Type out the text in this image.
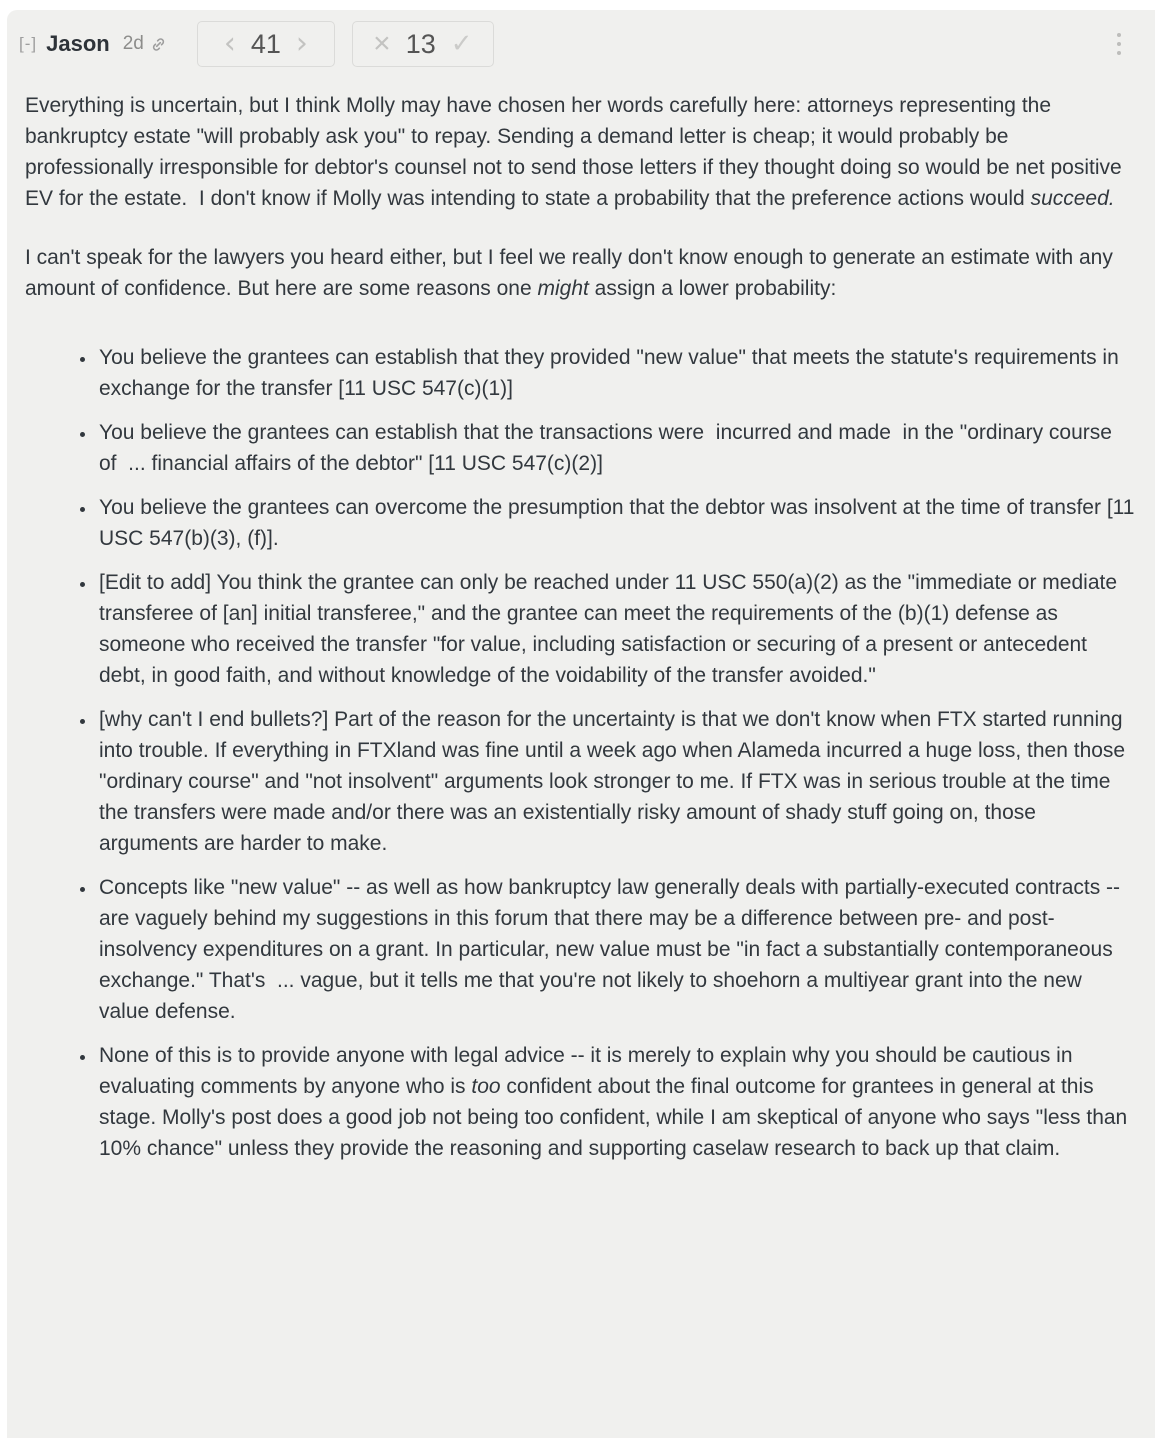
[-] Jason 2d	‹ 41 › × 13 ✓

Everything is uncertain, but I think Molly may have chosen her words carefully here: attorneys representing the bankruptcy estate "will probably ask you" to repay. Sending a demand letter is cheap; it would probably be professionally irresponsible for debtor's counsel not to send those letters if they thought doing so would be net positive EV for the estate.  I don't know if Molly was intending to state a probability that the preference actions would succeed.

I can't speak for the lawyers you heard either, but I feel we really don't know enough to generate an estimate with any amount of confidence. But here are some reasons one might assign a lower probability:

• You believe the grantees can establish that they provided "new value" that meets the statute's requirements in exchange for the transfer [11 USC 547(c)(1)]
• You believe the grantees can establish that the transactions were  incurred and made  in the "ordinary course of  ... financial affairs of the debtor" [11 USC 547(c)(2)]
• You believe the grantees can overcome the presumption that the debtor was insolvent at the time of transfer [11 USC 547(b)(3), (f)].
• [Edit to add] You think the grantee can only be reached under 11 USC 550(a)(2) as the "immediate or mediate transferee of [an] initial transferee," and the grantee can meet the requirements of the (b)(1) defense as someone who received the transfer "for value, including satisfaction or securing of a present or antecedent debt, in good faith, and without knowledge of the voidability of the transfer avoided."
• [why can't I end bullets?] Part of the reason for the uncertainty is that we don't know when FTX started running into trouble. If everything in FTXland was fine until a week ago when Alameda incurred a huge loss, then those "ordinary course" and "not insolvent" arguments look stronger to me. If FTX was in serious trouble at the time the transfers were made and/or there was an existentially risky amount of shady stuff going on, those arguments are harder to make.
• Concepts like "new value" -- as well as how bankruptcy law generally deals with partially-executed contracts -- are vaguely behind my suggestions in this forum that there may be a difference between pre- and post-insolvency expenditures on a grant. In particular, new value must be "in fact a substantially contemporaneous exchange." That's  ... vague, but it tells me that you're not likely to shoehorn a multiyear grant into the new value defense.
• None of this is to provide anyone with legal advice -- it is merely to explain why you should be cautious in evaluating comments by anyone who is too confident about the final outcome for grantees in general at this stage. Molly's post does a good job not being too confident, while I am skeptical of anyone who says "less than 10% chance" unless they provide the reasoning and supporting caselaw research to back up that claim.
